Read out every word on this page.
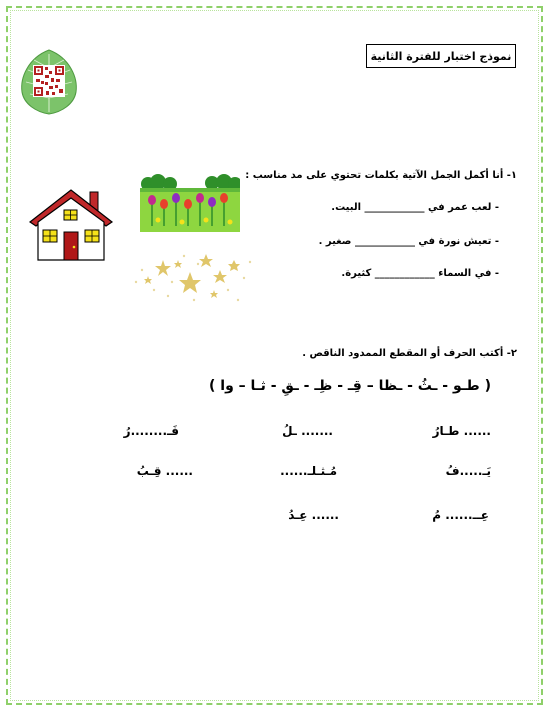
نموذج اختبار للفترة الثانية
١- أنا أكمل الجمل الآتية بكلمات تحتوي على مد مناسب :
- لعب عمر في ____________ البيت.
- تعيش نورة في ____________ صغير .
- في السماء ____________ كثيرة.
٢- أكتب الحرف أو المقطع الممدود الناقص .
( طـو - ـثُ - ـظا – قِـ - ظِـ - ـقِ - ثـا – وا )
...... طـارُ
....... ـلُ
فَـ........رُ
يَـ.....فُ
مُـثـلـ......
...... قِـبُ
عِــ...... مُ
...... عِـدُ
